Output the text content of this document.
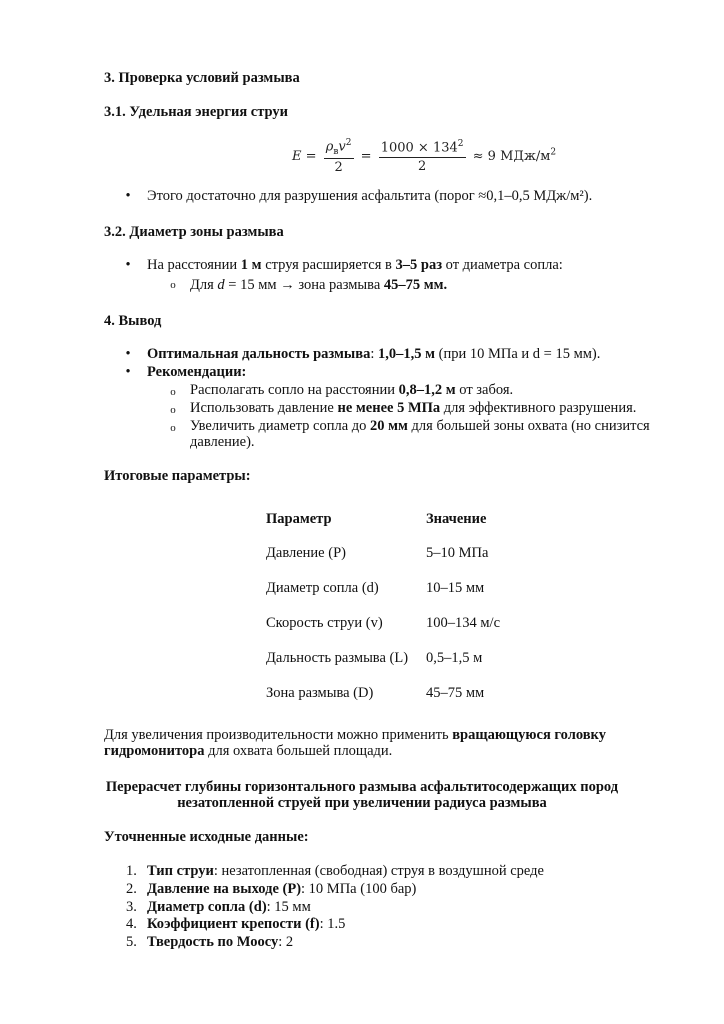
3. Проверка условий размыва
3.1. Удельная энергия струи
$E = \frac{\rho_вv^2}{2} = \frac{1000 \times 134^2}{2} \approx 9$ МДж/$м^2$
• Этого достаточно для разрушения асфальтита (порог ≈0,1–0,5 МДж/м²).
3.2. Диаметр зоны размыва
• На расстоянии 1 м струя расширяется в 3–5 раз от диаметра сопла:
o Для d = 15 мм → зона размыва 45–75 мм.
4. Вывод
• Оптимальная дальность размыва: 1,0–1,5 м (при 10 МПа и d = 15 мм).
• Рекомендации:
o Располагать сопло на расстоянии 0,8–1,2 м от забоя.
o Использовать давление не менее 5 МПа для эффективного разрушения.
o Увеличить диаметр сопла до 20 мм для большей зоны охвата (но снизится
давление).
Итоговые параметры:
Параметр	Значение
Давление (P)	5–10 МПа
Диаметр сопла (d)	10–15 мм
Скорость струи (v)	100–134 м/с
Дальность размыва (L) 0,5–1,5 м
Зона размыва (D)	45–75 мм
Для увеличения производительности можно применить вращающуюся головку
гидромонитора для охвата большей площади.
Перерасчет глубины горизонтального размыва асфальтитосодержащих пород
незатопленной струей при увеличении радиуса размыва
Уточненные исходные данные:
1. Тип струи: незатопленная (свободная) струя в воздушной среде
2. Давление на выходе (P): 10 МПа (100 бар)
3. Диаметр сопла (d): 15 мм
4. Коэффициент крепости (f): 1.5
5. Твердость по Моосу: 2
